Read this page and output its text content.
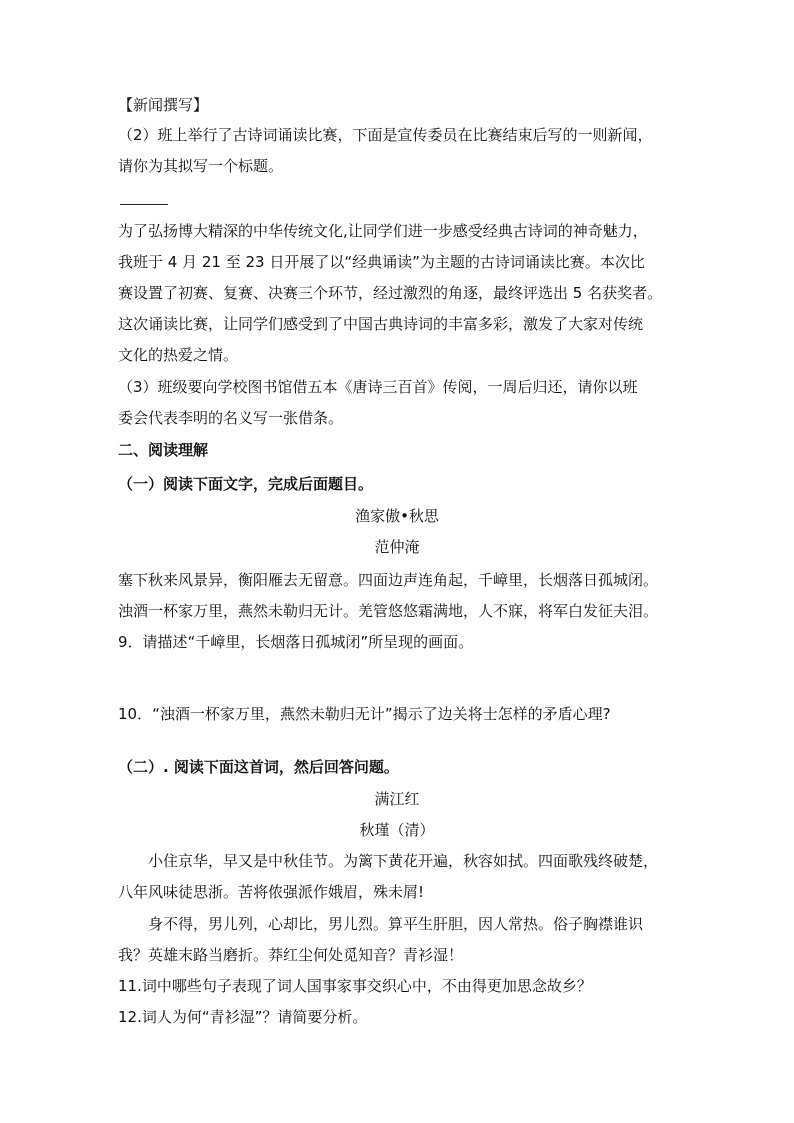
【新闻撰写】
（2）班上举行了古诗词诵读比赛，下面是宣传委员在比赛结束后写的一则新闻，
请你为其拟写一个标题。
为了弘扬博大精深的中华传统文化,让同学们进一步感受经典古诗词的神奇魅力，
我班于 4 月 21 至 23 日开展了以“经典诵读”为主题的古诗词诵读比赛。本次比
赛设置了初赛、复赛、决赛三个环节，经过激烈的角逐，最终评选出 5 名获奖者。
这次诵读比赛，让同学们感受到了中国古典诗词的丰富多彩，激发了大家对传统
文化的热爱之情。
（3）班级要向学校图书馆借五本《唐诗三百首》传阅，一周后归还，请你以班
委会代表李明的名义写一张借条。
二、阅读理解
（一）阅读下面文字，完成后面题目。
渔家傲•秋思
范仲淹
塞下秋来风景异，衡阳雁去无留意。四面边声连角起，千嶂里，长烟落日孤城闭。
浊酒一杯家万里，燕然未勒归无计。羌管悠悠霜满地，人不寐，将军白发征夫泪。
9．请描述“千嶂里，长烟落日孤城闭”所呈现的画面。
10．“浊酒一杯家万里，燕然未勒归无计”揭示了边关将士怎样的矛盾心理?
（二）. 阅读下面这首词，然后回答问题。
满江红
秋瑾（清）
小住京华，早又是中秋佳节。为篱下黄花开遍，秋容如拭。四面歌残终破楚，
八年风味徒思浙。苦将侬强派作娥眉，殊未屑!
身不得，男儿列，心却比，男儿烈。算平生肝胆，因人常热。俗子胸襟谁识
我？英雄末路当磨折。莽红尘何处觅知音？青衫湿！
11.词中哪些句子表现了词人国事家事交织心中，不由得更加思念故乡？
12.词人为何“青衫湿”？请简要分析。
